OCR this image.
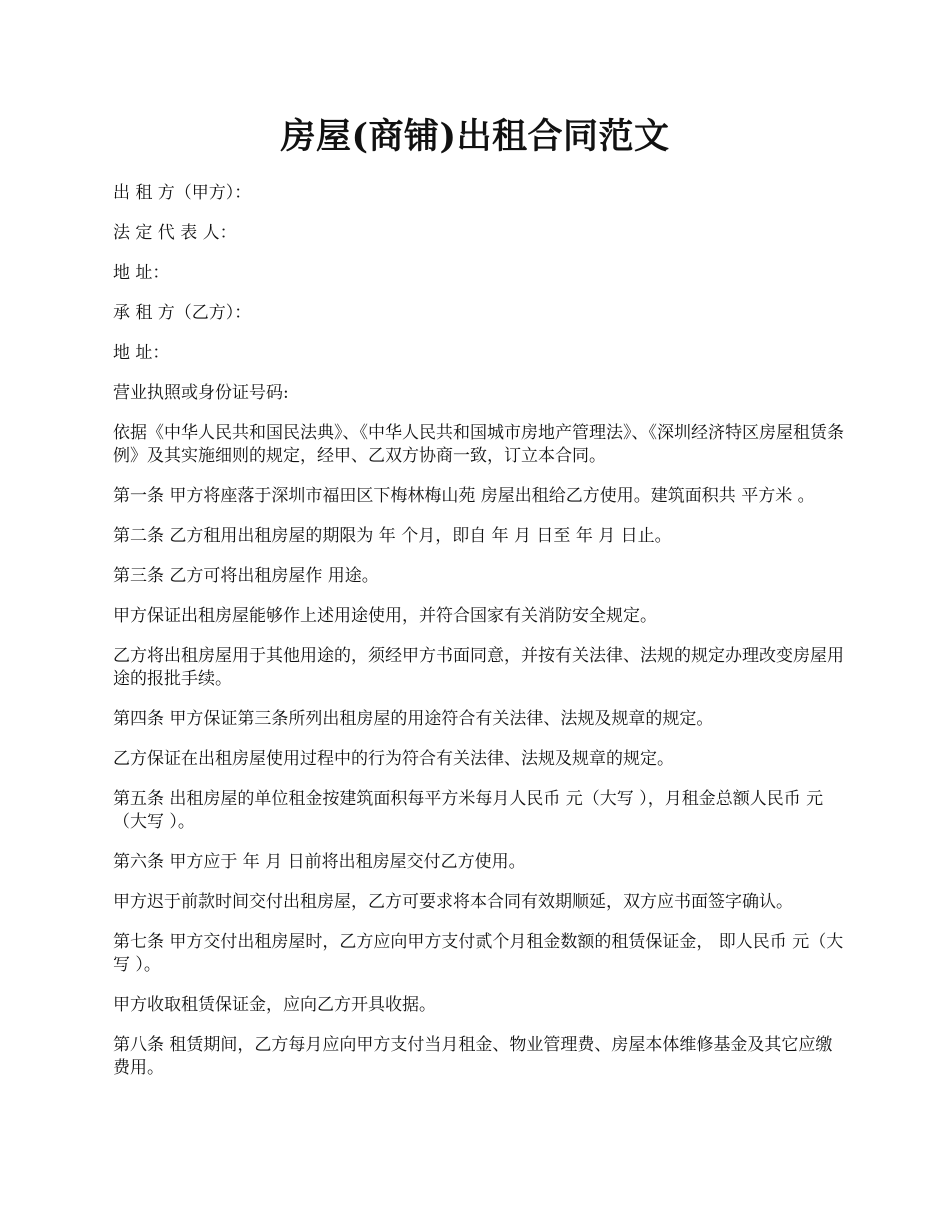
房屋(商铺)出租合同范文

出 租 方（甲方）：

法 定 代 表 人：

地 址：

承 租 方（乙方）：

地 址：

营业执照或身份证号码:

依据《中华人民共和国民法典》、《中华人民共和国城市房地产管理法》、《深圳经济特区房屋租赁条例》及其实施细则的规定，经甲、乙双方协商一致，订立本合同。

第一条 甲方将座落于深圳市福田区下梅林梅山苑 房屋出租给乙方使用。建筑面积共 平方米 。

第二条 乙方租用出租房屋的期限为 年 个月，即自 年 月 日至 年 月 日止。

第三条 乙方可将出租房屋作 用途。

甲方保证出租房屋能够作上述用途使用，并符合国家有关消防安全规定。

乙方将出租房屋用于其他用途的，须经甲方书面同意，并按有关法律、法规的规定办理改变房屋用途的报批手续。

第四条 甲方保证第三条所列出租房屋的用途符合有关法律、法规及规章的规定。

乙方保证在出租房屋使用过程中的行为符合有关法律、法规及规章的规定。

第五条 出租房屋的单位租金按建筑面积每平方米每月人民币 元（大写 ），月租金总额人民币 元（大写 ）。

第六条 甲方应于 年 月 日前将出租房屋交付乙方使用。

甲方迟于前款时间交付出租房屋，乙方可要求将本合同有效期顺延，双方应书面签字确认。

第七条 甲方交付出租房屋时，乙方应向甲方支付贰个月租金数额的租赁保证金， 即人民币 元（大写 ）。

甲方收取租赁保证金，应向乙方开具收据。

第八条 租赁期间，乙方每月应向甲方支付当月租金、物业管理费、房屋本体维修基金及其它应缴费用。
